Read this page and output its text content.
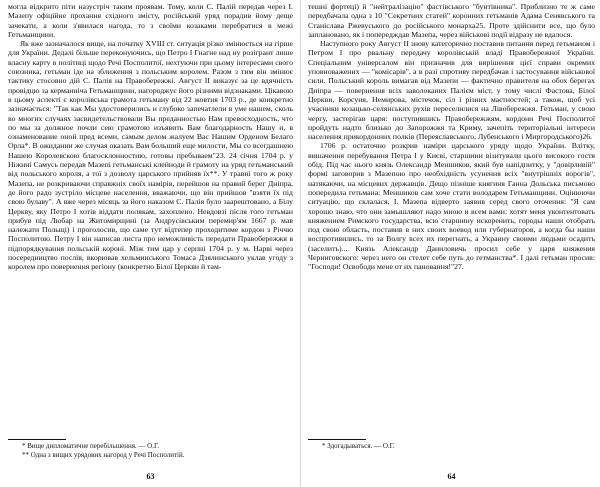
могла відкрито піти назустріч таким проявам. Тому, коли С. Палій передав через І. Мазепу офіційне прохання східного змісту, російський уряд порадив йому деще зачекати, а коли з'явилася нагода, то з своїми козаками перебратися в межі Гетьманщини.

Як вже зазначалося вище, на початку XVIII ст. ситуація різко змінюється на гірше для України. Дедалі більше переконуючись, що Петро І Гнагне над ну розігрант лише власну карту в політиці щодо Речі Посполитої, нехтуючи при цьому інтересами свого союзника, гетьман іде на зближення з польським королем. Разом з тим він змінює тактику стосовно дій С. Палія на Правобережжі. Август II виказує за це вдячність провідцю за кермаиніча Гетьманщини, нагороджує його різними відзнаками. Цікавою в цьому аспекті є королівська грамота гетьману від 22 жовтня 1703 р., де конкретно зазначається: "Так как Мы удостоверились и глубоко запечатлели в уме нашем, сколь во многих случаях засвидетельствовали Вы преданностью Нам превосходность, что по мы за должное почли сею грамотою изъявить Вам благодарность Нашу и, в ознаменование оной пред всеми, самым делом жалуем Вас Нашим Орденом Белаго Орла*. В ожидании же случая оказать Вам больший еще милости, Мы со всегдашнею Нашею Королевскою благосклонностию, готовы пребываем"23. 24 січня 1704 р. у Ніжині Самусь передав Мазепі гетьманські клейноди й грамоту на уряд гетьманський від польського короля, а тої з дозволу царського прийняв їх**. У травні того ж року Мазепа, не розкриваючи справжніх своїх намірів, перейшов на правий берег Дніпра, де його радо зустріло місцеве населення, вважаючи, що він прийшов "взяти їх під свою булаву". А вже через місяць за його наказом С. Палія було заарештовано, а Білу Церкву, яку Петро І хотів віддати полякам, захоплено. Невдовзі після того гетьман прибув під Любар на Житомирщині (за Андрусівським перемир'ям 1667 р. мав належати Польщі) і проголосив, що саме тут відтепер проходитиме кордон з Річчю Посполитою. Петру І він написав листа про неможливість передати Правобережжя в підпорядкування польській короні. Між тим цар у серпні 1704 р. у м. Нарві через посередництво послів, вкорював хельминського Томаса Дзялинського уклав угоду з королем про повернення регіону (конкретно Білої Церкви й там-

* Вище дипломатичне перебільшення. — О.Г.

** Одна з вищих урядових нагород у Речі Посполитій.

63

тешні фортеці) й "нейтралізацію" фастівського "бунтівника". Приблизно те ж саме передбачала одна з 10 "Секретних статей" коронних гетьманів Адама Сенявського та Станіслава Ржевуського до російського монарха25. Проте здійснити все, що було заплановано, як і попередждав Мазепа, через військові події відразу не вдалося.

Наступного року Август II знову категорично поставив питання перед гетьманом і Петром І про рвальну передачу королівській владі Правобережної України. Спеціальним універсалом він призначив для вирішення цієї справи окремих уповноважених — "комісарів", а в разі спротиву передбачав і застосування військової сили. Польський король вимагав від Мазепи — фактично правителя на обох берегах Дніпра — повернення всіх заволоканих Палієм міст, у тому числі Фастова, Білої Церкви, Корсуня, Немирова, містечок, сіл і різних маєтностей; а також, щоб усі учасники козацько-селянських рухів переселилися на Лівобережжя. Гетьман, у свою чергу, застерігав царя: поступившись Правобережжям, кордони Речі Посполитої пройдуть надто близько до Запорожжя та Криму, зачепіть територіальні інтереси населення прикордонних полків (Переяславського, Лубенського і Миргородського)26.

1706 р. остаточно розкрив наміри царського уряду щодо України. Влітку, вишачення перебування Петра І у Києві, старшини візитували цього високого гостя обід. Під час нього князь Олександр Меншиков, який був напідпитку, у "довірливій" формі заговорив з Мазепою про необхідність усунення всіх "внутрішніх ворогів", натякаючи, на місцевих державців. Дещо пізніше княгиня Ганна Дольська письмово попередила гетьмана: Меншиков сам хоче стати володарем Гетьманщини. Оцінюючи ситуацію, що склалася, І. Мазепа відверто заявив серед свого оточення: "Я сам хорошо знаю, что они замышляют надо мною и всем вами: хотят меня уконтентовать княжением Римского государства, всю старшину искоренить, городы наши отобрать под свою область, поставив в них своих воевод или губернаторов, а когда бы наши воспротивились, то за Волгу всех их перегнать, а Украину своими людьми осадить (заселить)... Князь Александр Даниловичь просил себе у царя княжения Черниговского: через него он стелет себе путь до гетманства*. І далі гетьман просив: "Господи! Освободи мене от их пановання!"27.

* Здогадываться. — О.Г.

64
